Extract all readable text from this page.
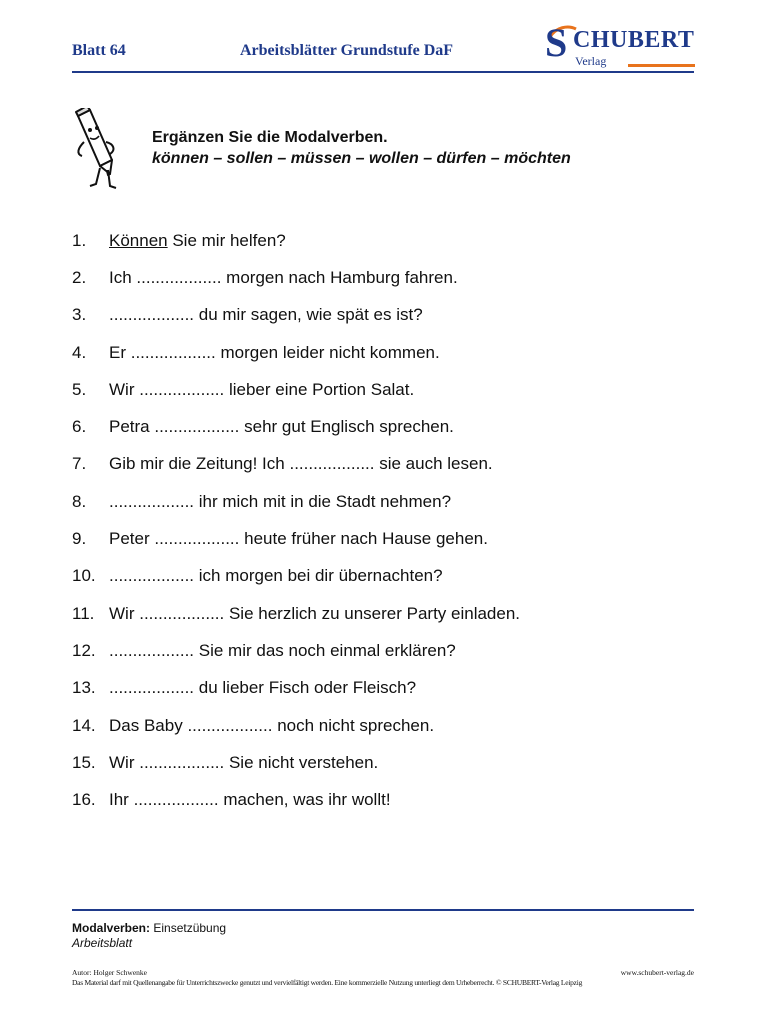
Blatt 64	Arbeitsblätter Grundstufe DaF S CHUBERT
Verlag
Ergänzen Sie die Modalverben.
können – sollen – müssen – wollen – dürfen – möchten
1.	Können Sie mir helfen?
2.	Ich .................. morgen nach Hamburg fahren.
3.	.................. du mir sagen, wie spät es ist?
4.	Er .................. morgen leider nicht kommen.
5.	Wir .................. lieber eine Portion Salat.
6.	Petra .................. sehr gut Englisch sprechen.
7.	Gib mir die Zeitung! Ich .................. sie auch lesen.
8.	.................. ihr mich mit in die Stadt nehmen?
9.	Peter .................. heute früher nach Hause gehen.
10. .................. ich morgen bei dir übernachten?
11. Wir .................. Sie herzlich zu unserer Party einladen.
12. .................. Sie mir das noch einmal erklären?
13. .................. du lieber Fisch oder Fleisch?
14. Das Baby .................. noch nicht sprechen.
15. Wir .................. Sie nicht verstehen.
16. Ihr .................. machen, was ihr wollt!
Modalverben: Einsetzübung
Arbeitsblatt
Autor: Holger Schwenke	www.schubert-verlag.de
Das Material darf mit Quellenangabe für Unterrichtszwecke genutzt und vervielfältigt werden. Eine kommerzielle Nutzung unterliegt dem Urheberrecht. © SCHUBERT-Verlag Leipzig
